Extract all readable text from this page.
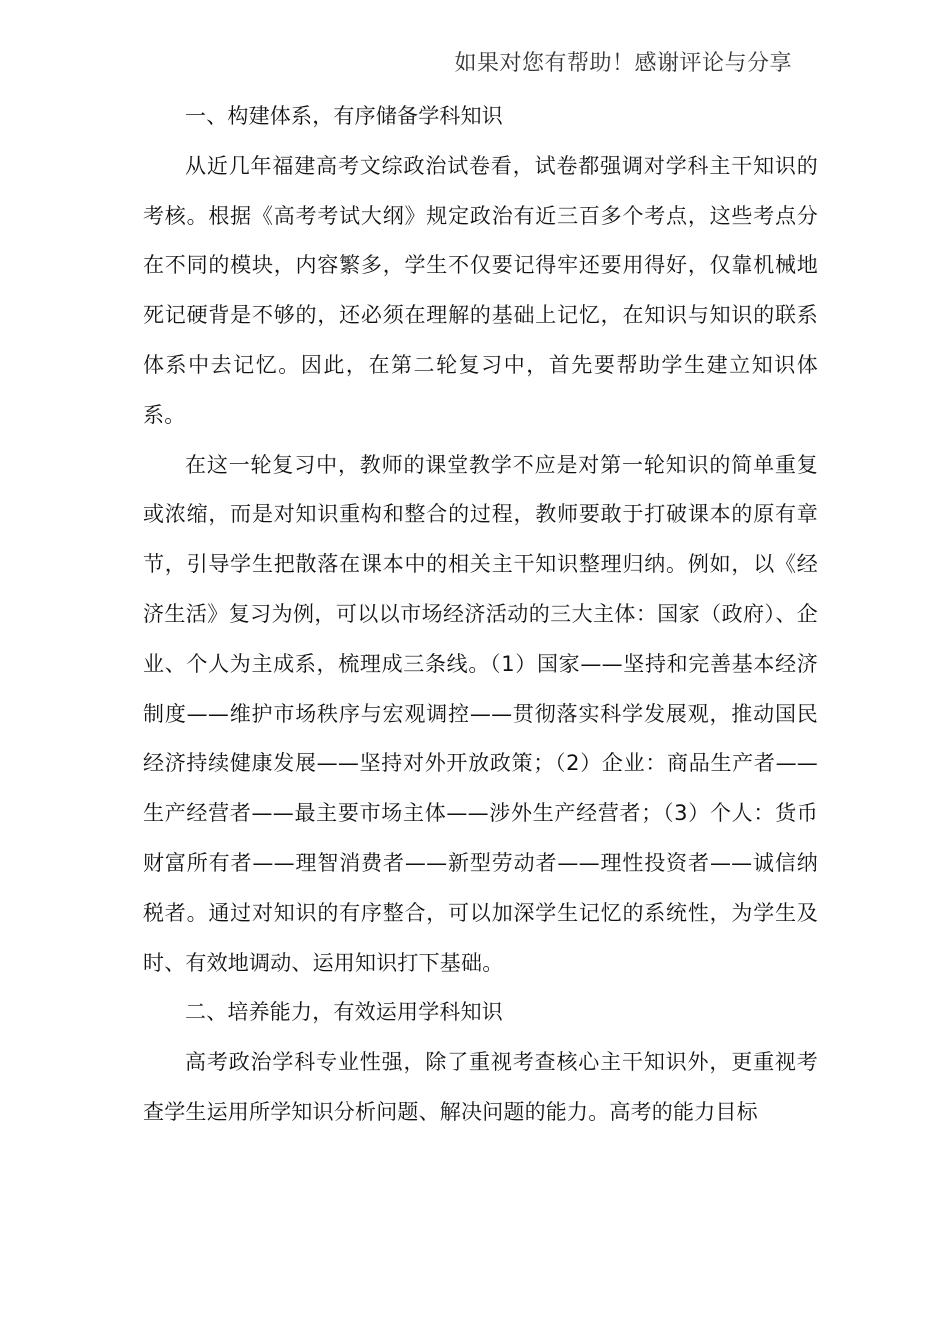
如果对您有帮助！感谢评论与分享

一、构建体系，有序储备学科知识

从近几年福建高考文综政治试卷看，试卷都强调对学科主干知识的考核。根据《高考考试大纲》规定政治有近三百多个考点，这些考点分在不同的模块，内容繁多，学生不仅要记得牢还要用得好，仅靠机械地死记硬背是不够的，还必须在理解的基础上记忆，在知识与知识的联系体系中去记忆。因此，在第二轮复习中，首先要帮助学生建立知识体系。

在这一轮复习中，教师的课堂教学不应是对第一轮知识的简单重复或浓缩，而是对知识重构和整合的过程，教师要敢于打破课本的原有章节，引导学生把散落在课本中的相关主干知识整理归纳。例如，以《经济生活》复习为例，可以以市场经济活动的三大主体：国家（政府）、企业、个人为主成系，梳理成三条线。（1）国家——坚持和完善基本经济制度——维护市场秩序与宏观调控——贯彻落实科学发展观，推动国民经济持续健康发展——坚持对外开放政策；（2）企业：商品生产者——生产经营者——最主要市场主体——涉外生产经营者；（3）个人：货币财富所有者——理智消费者——新型劳动者——理性投资者——诚信纳税者。通过对知识的有序整合，可以加深学生记忆的系统性，为学生及时、有效地调动、运用知识打下基础。

二、培养能力，有效运用学科知识

高考政治学科专业性强，除了重视考查核心主干知识外，更重视考查学生运用所学知识分析问题、解决问题的能力。高考的能力目标
